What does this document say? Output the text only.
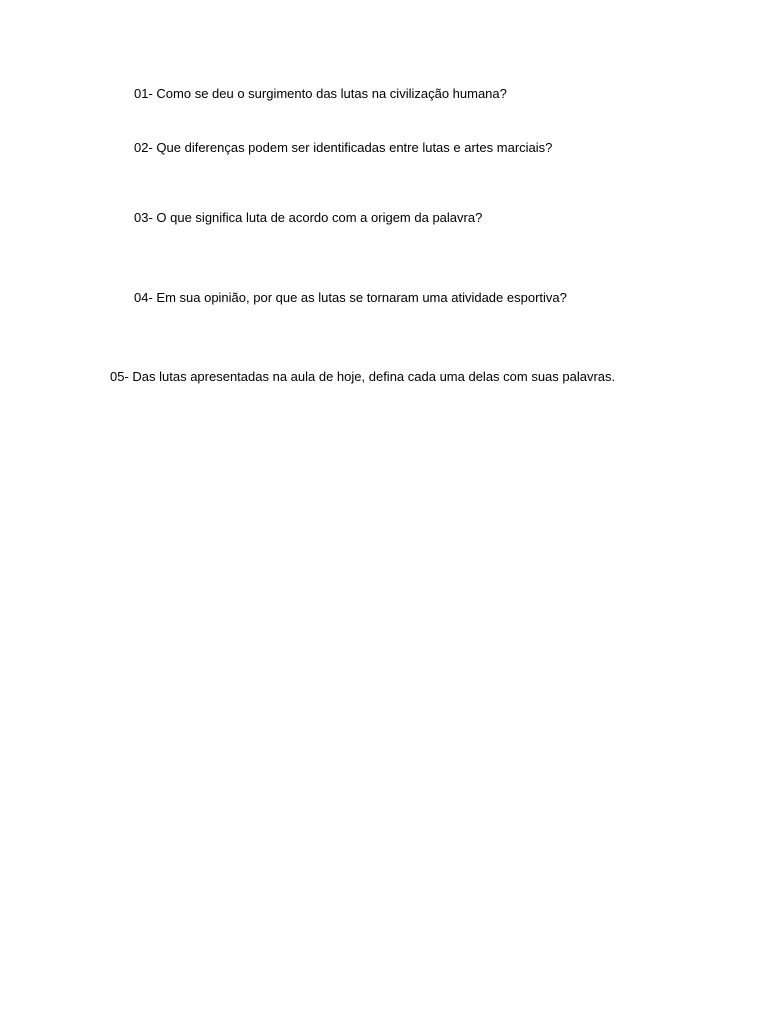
01- Como se deu o surgimento das lutas na civilização humana?

02- Que diferenças podem ser identificadas entre lutas e artes marciais?

03- O que significa luta de acordo com a origem da palavra?

04- Em sua opinião, por que as lutas se tornaram uma atividade esportiva?

05- Das lutas apresentadas na aula de hoje, defina cada uma delas com suas palavras.
